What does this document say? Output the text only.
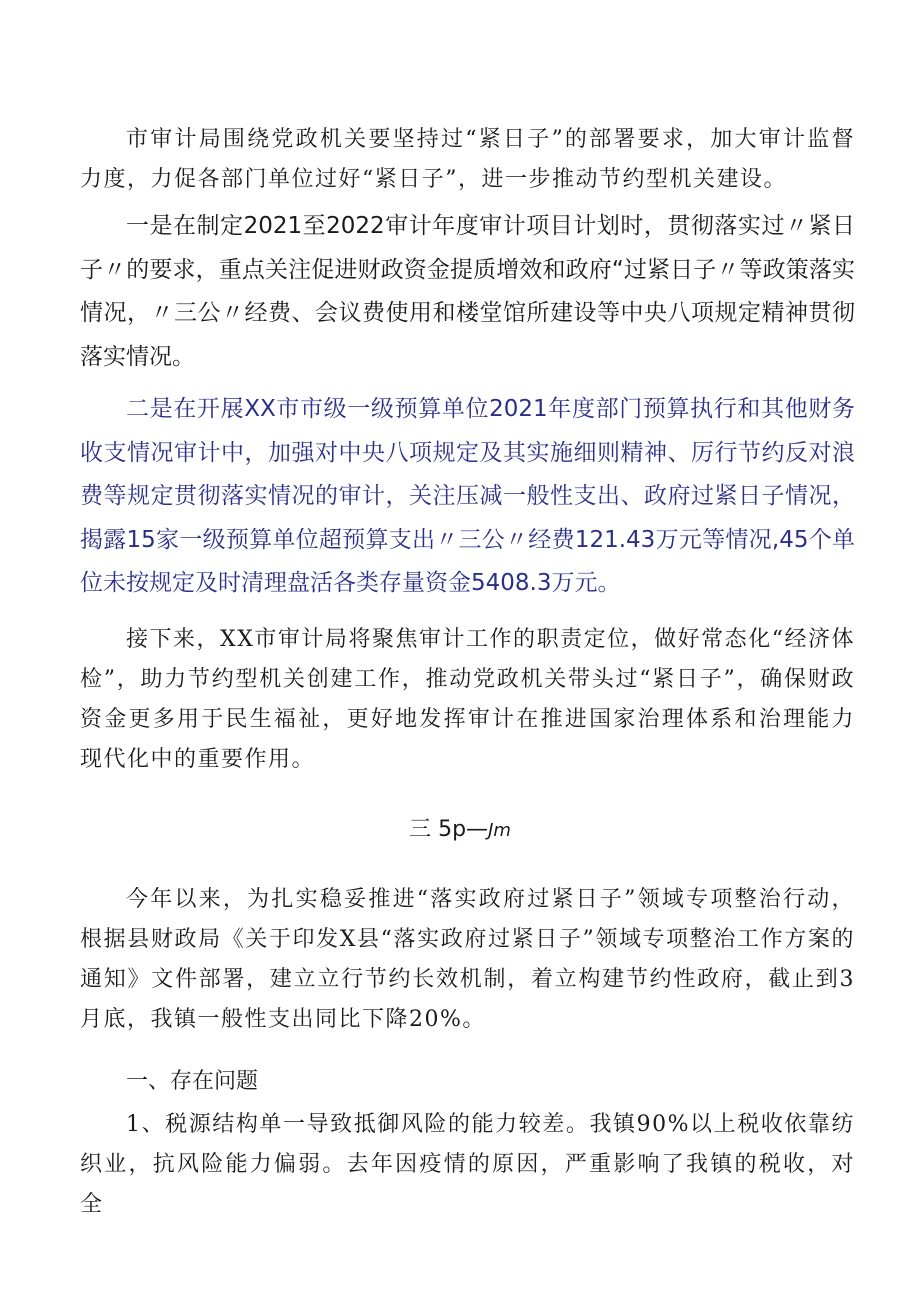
市审计局围绕党政机关要坚持过“紧日子”的部署要求，加大审计监督力度，力促各部门单位过好“紧日子”，进一步推动节约型机关建设。

一是在制定2021至2022审计年度审计项目计划时，贯彻落实过〃紧日子〃的要求，重点关注促进财政资金提质增效和政府“过紧日子〃等政策落实情况，〃三公〃经费、会议费使用和楼堂馆所建设等中央八项规定精神贯彻落实情况。

二是在开展XX市市级一级预算单位2021年度部门预算执行和其他财务收支情况审计中，加强对中央八项规定及其实施细则精神、厉行节约反对浪费等规定贯彻落实情况的审计，关注压减一般性支出、政府过紧日子情况，揭露15家一级预算单位超预算支出〃三公〃经费121.43万元等情况,45个单位未按规定及时清理盘活各类存量资金5408.3万元。

接下来，XX市审计局将聚焦审计工作的职责定位，做好常态化“经济体检”，助力节约型机关创建工作，推动党政机关带头过“紧日子”，确保财政资金更多用于民生福祉，更好地发挥审计在推进国家治理体系和治理能力现代化中的重要作用。

三 5p—Jm

今年以来，为扎实稳妥推进“落实政府过紧日子”领域专项整治行动，根据县财政局《关于印发X县“落实政府过紧日子”领域专项整治工作方案的通知》文件部署，建立立行节约长效机制，着立构建节约性政府，截止到3月底，我镇一般性支出同比下降20%。

一、存在问题

1、税源结构单一导致抵御风险的能力较差。我镇90%以上税收依靠纺织业，抗风险能力偏弱。去年因疫情的原因，严重影响了我镇的税收，对全
